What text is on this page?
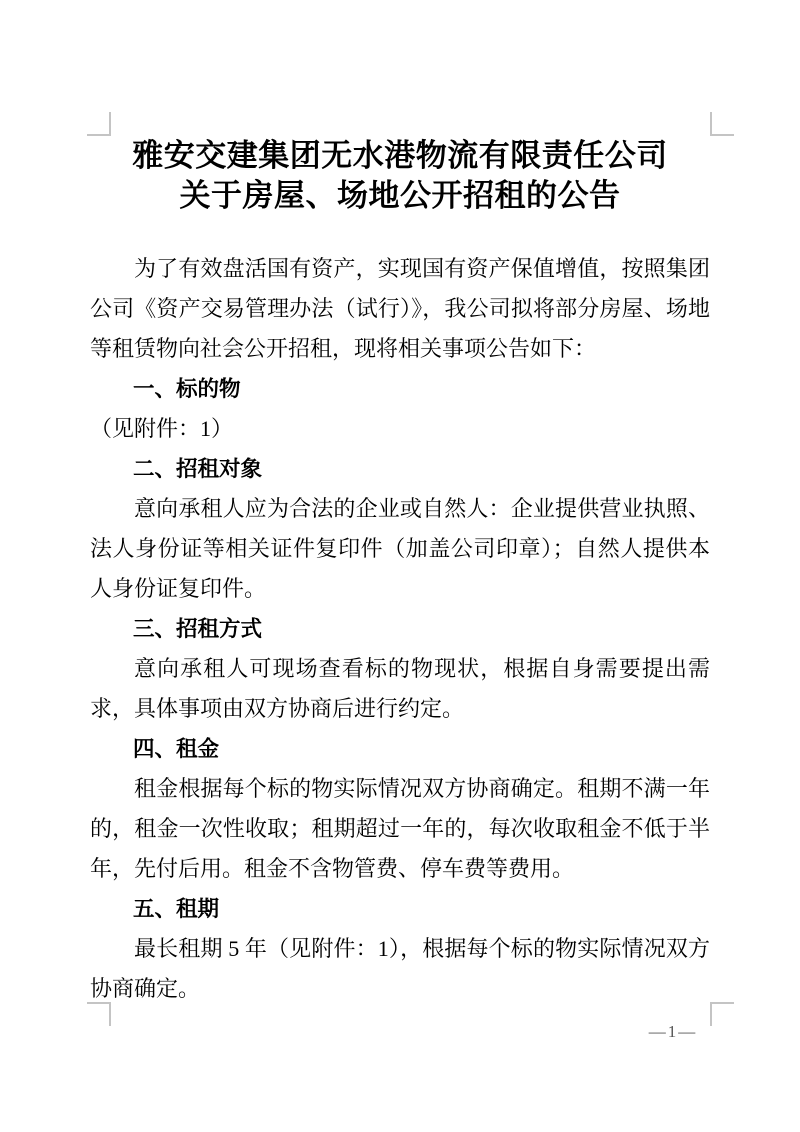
雅安交建集团无水港物流有限责任公司
关于房屋、场地公开招租的公告

为了有效盘活国有资产，实现国有资产保值增值，按照集团公司《资产交易管理办法（试行）》，我公司拟将部分房屋、场地等租赁物向社会公开招租，现将相关事项公告如下：

一、标的物

（见附件：1）

二、招租对象

意向承租人应为合法的企业或自然人：企业提供营业执照、法人身份证等相关证件复印件（加盖公司印章）；自然人提供本人身份证复印件。

三、招租方式

意向承租人可现场查看标的物现状，根据自身需要提出需求，具体事项由双方协商后进行约定。

四、租金

租金根据每个标的物实际情况双方协商确定。租期不满一年的，租金一次性收取；租期超过一年的，每次收取租金不低于半年，先付后用。租金不含物管费、停车费等费用。

五、租期

最长租期 5 年（见附件：1），根据每个标的物实际情况双方协商确定。

—1—
